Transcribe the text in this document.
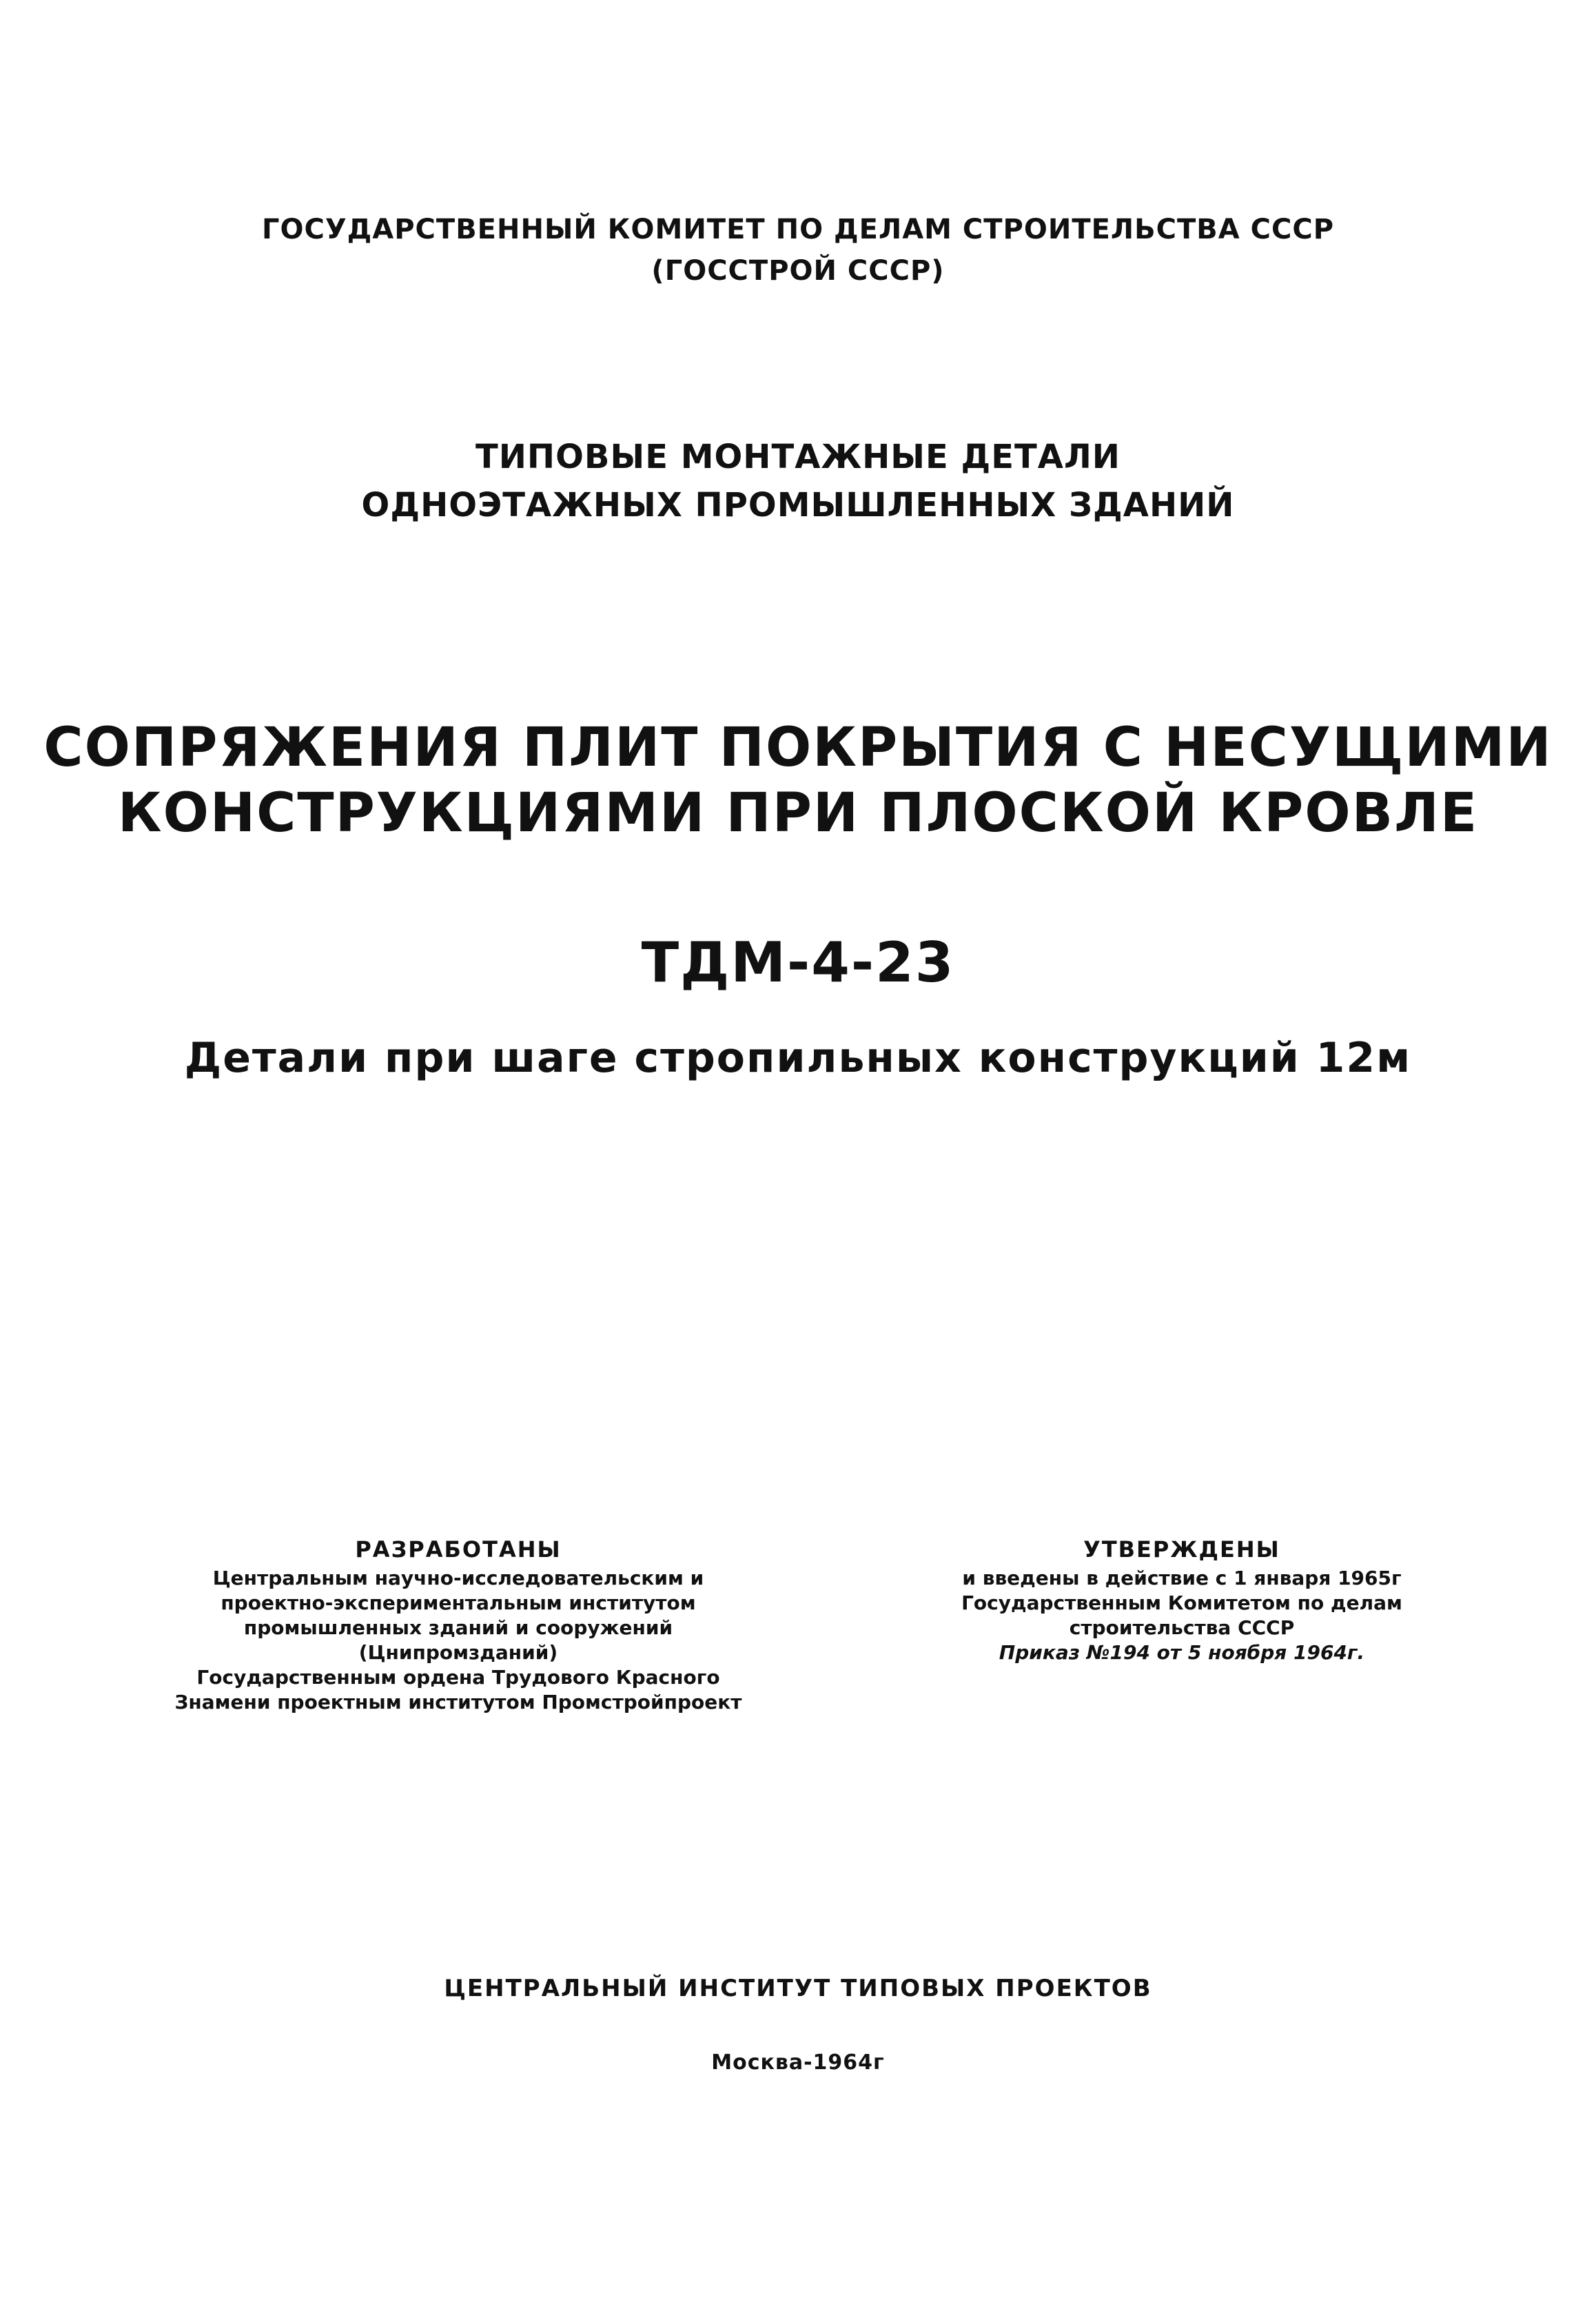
ГОСУДАРСТВЕННЫЙ КОМИТЕТ ПО ДЕЛАМ СТРОИТЕЛЬСТВА СССР
(ГОССТРОЙ СССР)
ТИПОВЫЕ МОНТАЖНЫЕ ДЕТАЛИ
ОДНОЭТАЖНЫХ ПРОМЫШЛЕННЫХ ЗДАНИЙ
СОПРЯЖЕНИЯ ПЛИТ ПОКРЫТИЯ С НЕСУЩИМИ
КОНСТРУКЦИЯМИ ПРИ ПЛОСКОЙ КРОВЛЕ
ТДМ-4-23
Детали при шаге стропильных конструкций 12м
РАЗРАБОТАНЫ
Центральным научно-исследовательским и
проектно-экспериментальным институтом
промышленных зданий и сооружений
(Цнипромзданий)
Государственным ордена Трудового Красного
Знамени проектным институтом Промстройпроект
УТВЕРЖДЕНЫ
и введены в действие с 1 января 1965г
Государственным Комитетом по делам
строительства СССР
Приказ №194 от 5 ноября 1964г.
ЦЕНТРАЛЬНЫЙ ИНСТИТУТ ТИПОВЫХ ПРОЕКТОВ
Москва-1964г
